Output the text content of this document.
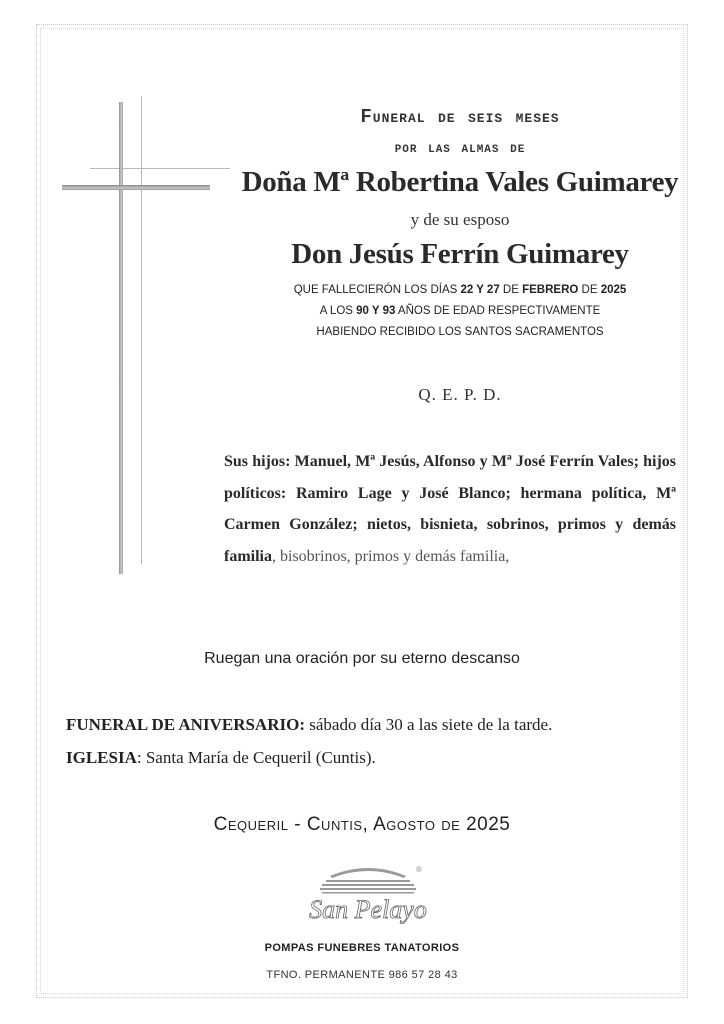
Funeral de seis meses
por las almas de
Doña Mª Robertina Vales Guimarey
y de su esposo
Don Jesús Ferrín Guimarey
QUE FALLECIERÓN LOS DÍAS 22 Y 27 DE FEBRERO DE 2025
A LOS 90 Y 93 AÑOS DE EDAD RESPECTIVAMENTE
HABIENDO RECIBIDO LOS SANTOS SACRAMENTOS
Q. E. P. D.
Sus hijos: Manuel, Mª Jesús, Alfonso y Mª José Ferrín Vales; hijos políticos: Ramiro Lage y José Blanco; hermana política, Mª Carmen González; nietos, bisnieta, sobrinos, primos y demás familia, bisobrinos, primos y demás familia,
Ruegan una oración por su eterno descanso
FUNERAL DE ANIVERSARIO: sábado día 30 a las siete de la tarde.
IGLESIA: Santa María de Cequeril (Cuntis).
Cequeril - Cuntis, Agosto de 2025
®
San Pelayo
POMPAS FUNEBRES TANATORIOS
TFNO. PERMANENTE 986 57 28 43
